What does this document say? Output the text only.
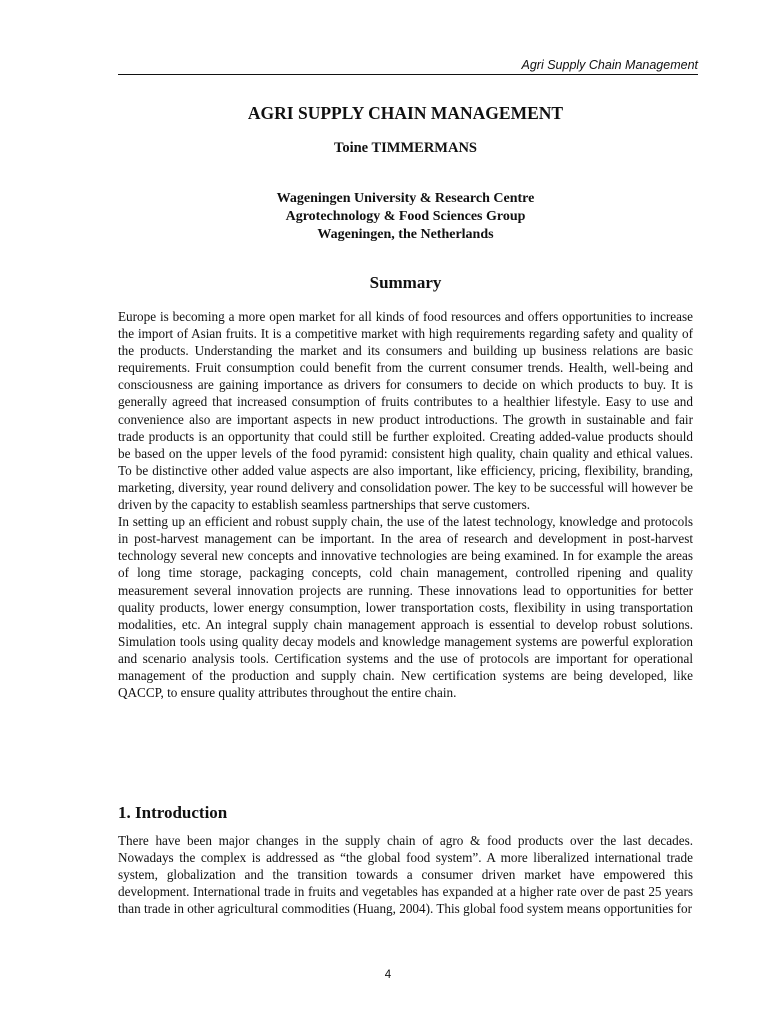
Agri Supply Chain Management
AGRI SUPPLY CHAIN MANAGEMENT
Toine TIMMERMANS
Wageningen University & Research Centre
Agrotechnology & Food Sciences Group
Wageningen, the Netherlands
Summary

Europe is becoming a more open market for all kinds of food resources and offers opportunities to increase the import of Asian fruits. It is a competitive market with high requirements regarding safety and quality of the products. Understanding the market and its consumers and building up business relations are basic requirements. Fruit consumption could benefit from the current consumer trends. Health, well-being and consciousness are gaining importance as drivers for consumers to decide on which products to buy. It is generally agreed that increased consumption of fruits contributes to a healthier lifestyle. Easy to use and convenience also are important aspects in new product introductions. The growth in sustainable and fair trade products is an opportunity that could still be further exploited. Creating added-value products should be based on the upper levels of the food pyramid: consistent high quality, chain quality and ethical values. To be distinctive other added value aspects are also important, like efficiency, pricing, flexibility, branding, marketing, diversity, year round delivery and consolidation power. The key to be successful will however be driven by the capacity to establish seamless partnerships that serve customers.

In setting up an efficient and robust supply chain, the use of the latest technology, knowledge and protocols in post-harvest management can be important. In the area of research and development in post-harvest technology several new concepts and innovative technologies are being examined. In for example the areas of long time storage, packaging concepts, cold chain management, controlled ripening and quality measurement several innovation projects are running. These innovations lead to opportunities for better quality products, lower energy consumption, lower transportation costs, flexibility in using transportation modalities, etc. An integral supply chain management approach is essential to develop robust solutions. Simulation tools using quality decay models and knowledge management systems are powerful exploration and scenario analysis tools. Certification systems and the use of protocols are important for operational management of the production and supply chain. New certification systems are being developed, like QACCP, to ensure quality attributes throughout the entire chain.

1. Introduction

There have been major changes in the supply chain of agro & food products over the last decades. Nowadays the complex is addressed as “the global food system”. A more liberalized international trade system, globalization and the transition towards a consumer driven market have empowered this development. International trade in fruits and vegetables has expanded at a higher rate over de past 25 years than trade in other agricultural commodities (Huang, 2004). This global food system means opportunities for

4
